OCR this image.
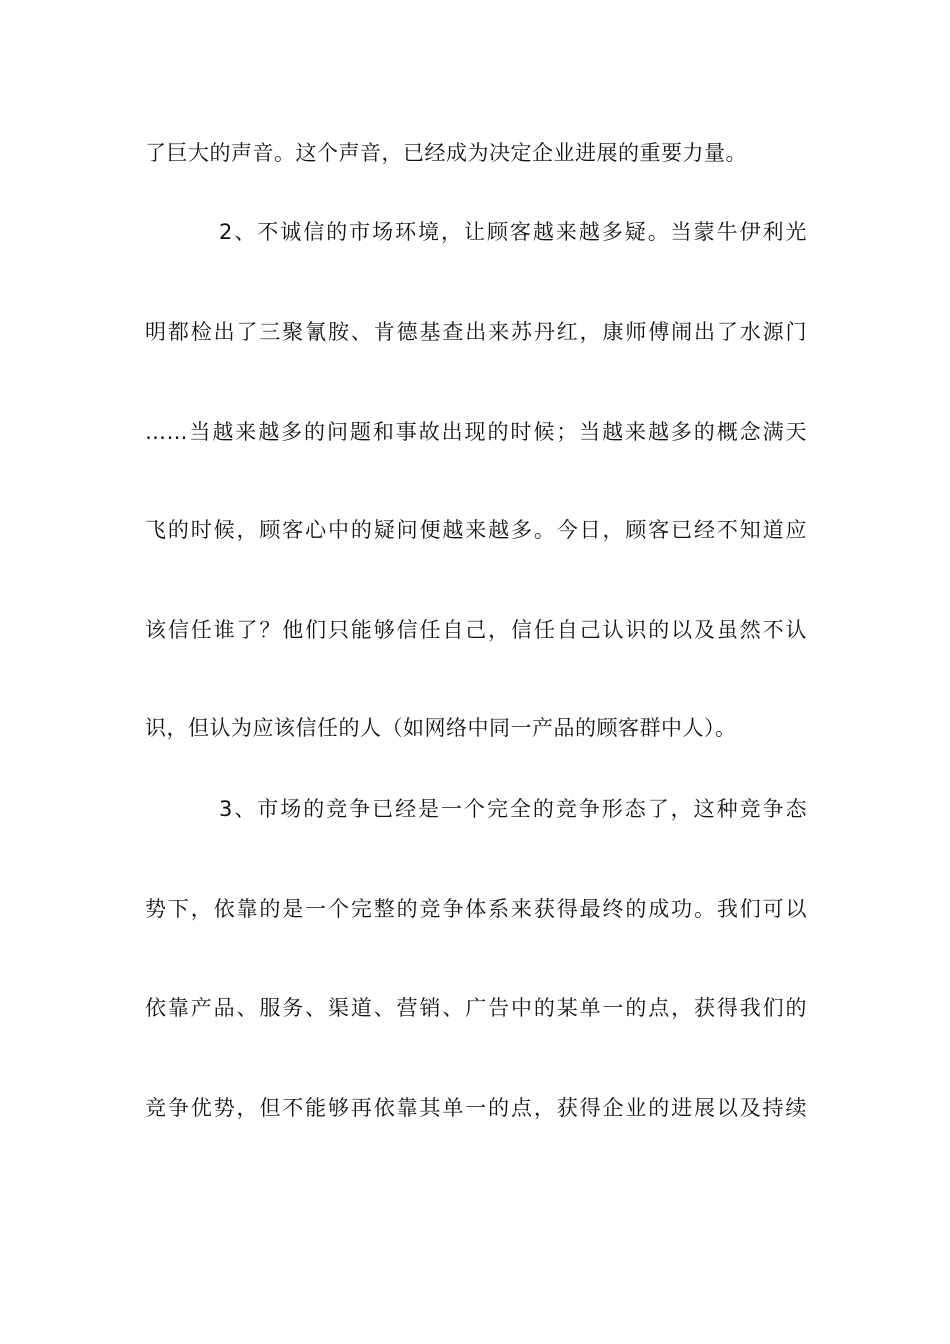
了巨大的声音。这个声音，已经成为决定企业进展的重要力量。
2、不诚信的市场环境，让顾客越来越多疑。当蒙牛伊利光
明都检出了三聚氰胺、肯德基查出来苏丹红，康师傅闹出了水源门
……当越来越多的问题和事故出现的时候；当越来越多的概念满天
飞的时候，顾客心中的疑问便越来越多。今日，顾客已经不知道应
该信任谁了？他们只能够信任自己，信任自己认识的以及虽然不认
识，但认为应该信任的人（如网络中同一产品的顾客群中人）。
3、市场的竞争已经是一个完全的竞争形态了，这种竞争态
势下，依靠的是一个完整的竞争体系来获得最终的成功。我们可以
依靠产品、服务、渠道、营销、广告中的某单一的点，获得我们的
竞争优势，但不能够再依靠其单一的点，获得企业的进展以及持续
